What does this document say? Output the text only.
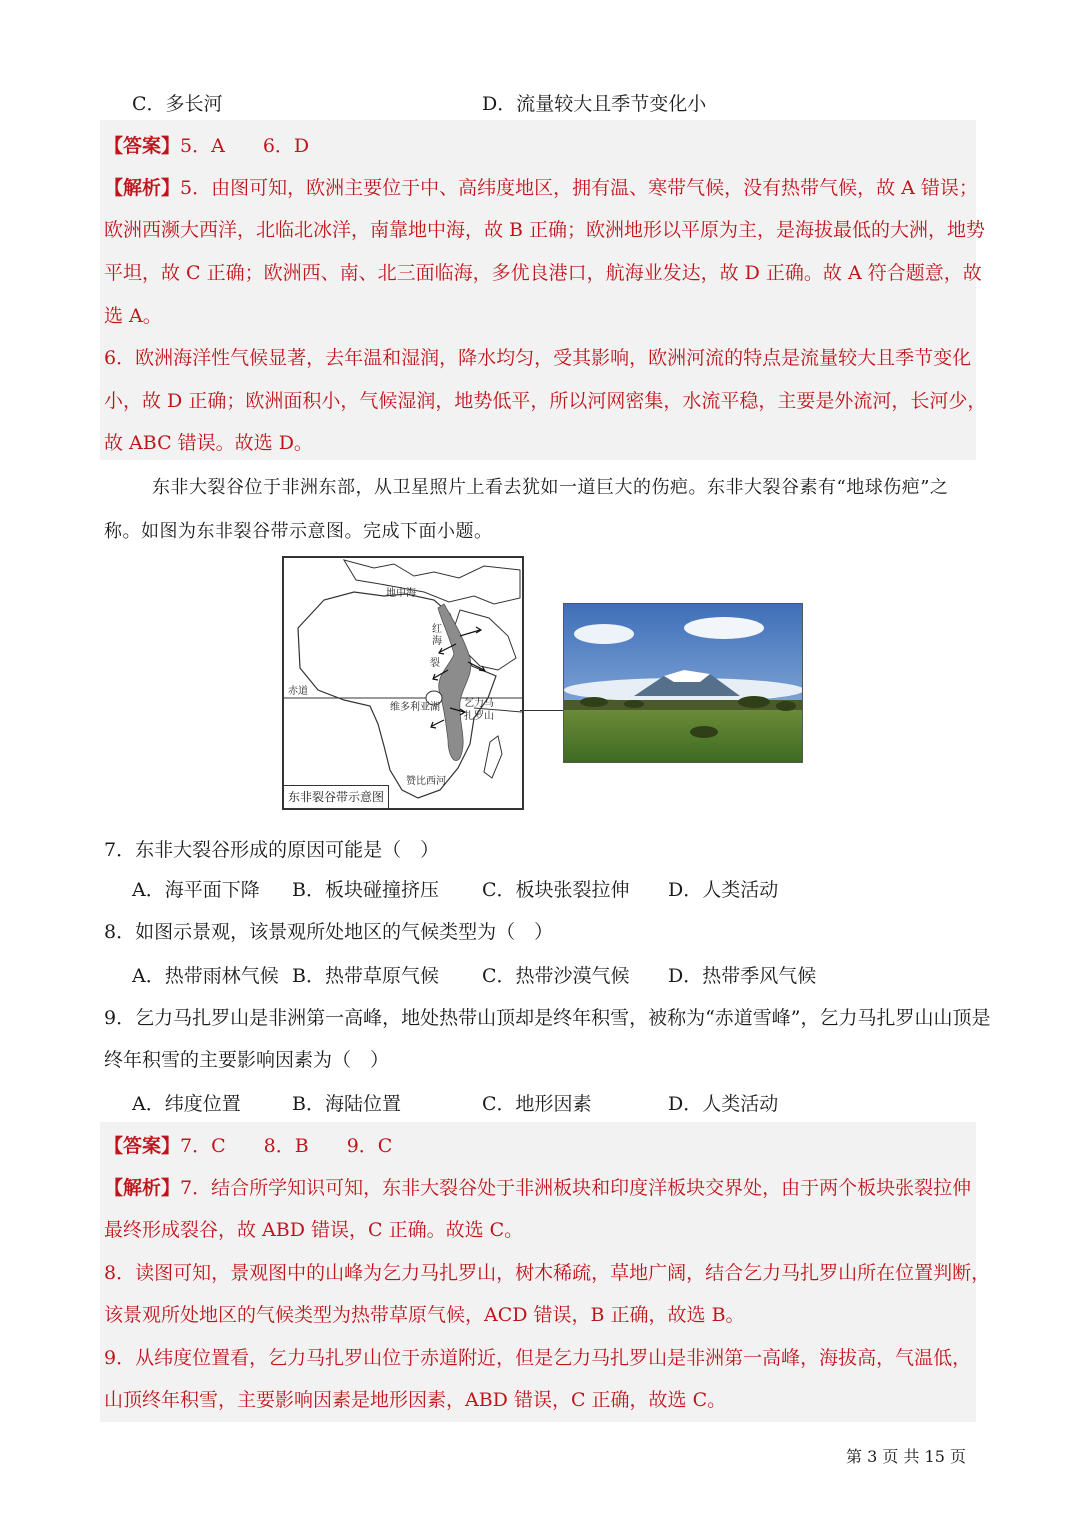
C．多长河	D．流量较大且季节变化小
【答案】5．A　　6．D
【解析】5．由图可知，欧洲主要位于中、高纬度地区，拥有温、寒带气候，没有热带气候，故 A 错误；
欧洲西濒大西洋，北临北冰洋，南靠地中海，故 B 正确；欧洲地形以平原为主，是海拔最低的大洲，地势
平坦，故 C 正确；欧洲西、南、北三面临海，多优良港口，航海业发达，故 D 正确。故 A 符合题意，故
选 A。
6．欧洲海洋性气候显著，去年温和湿润，降水均匀，受其影响，欧洲河流的特点是流量较大且季节变化
小，故 D 正确；欧洲面积小，气候湿润，地势低平，所以河网密集，水流平稳，主要是外流河，长河少，
故 ABC 错误。故选 D。
东非大裂谷位于非洲东部，从卫星照片上看去犹如一道巨大的伤疤。东非大裂谷素有“地球伤疤”之
称。如图为东非裂谷带示意图。完成下面小题。
地中海
赤道
红
海
裂
维多利亚湖 乞力马
扎罗山
赞比西河
东非裂谷带示意图
7．东非大裂谷形成的原因可能是（　）
A．海平面下降 B．板块碰撞挤压 C．板块张裂拉伸 D．人类活动
8．如图示景观，该景观所处地区的气候类型为（　）
A．热带雨林气候 B．热带草原气候 C．热带沙漠气候 D．热带季风气候
9．乞力马扎罗山是非洲第一高峰，地处热带山顶却是终年积雪，被称为“赤道雪峰”，乞力马扎罗山山顶是
终年积雪的主要影响因素为（　）
A．纬度位置	B．海陆位置	C．地形因素	D．人类活动
【答案】7．C　　8．B　　9．C
【解析】7．结合所学知识可知，东非大裂谷处于非洲板块和印度洋板块交界处，由于两个板块张裂拉伸
最终形成裂谷，故 ABD 错误，C 正确。故选 C。
8．读图可知，景观图中的山峰为乞力马扎罗山，树木稀疏，草地广阔，结合乞力马扎罗山所在位置判断，
该景观所处地区的气候类型为热带草原气候，ACD 错误，B 正确，故选 B。
9．从纬度位置看，乞力马扎罗山位于赤道附近，但是乞力马扎罗山是非洲第一高峰，海拔高，气温低，
山顶终年积雪，主要影响因素是地形因素，ABD 错误，C 正确，故选 C。
第 3 页 共 15 页
